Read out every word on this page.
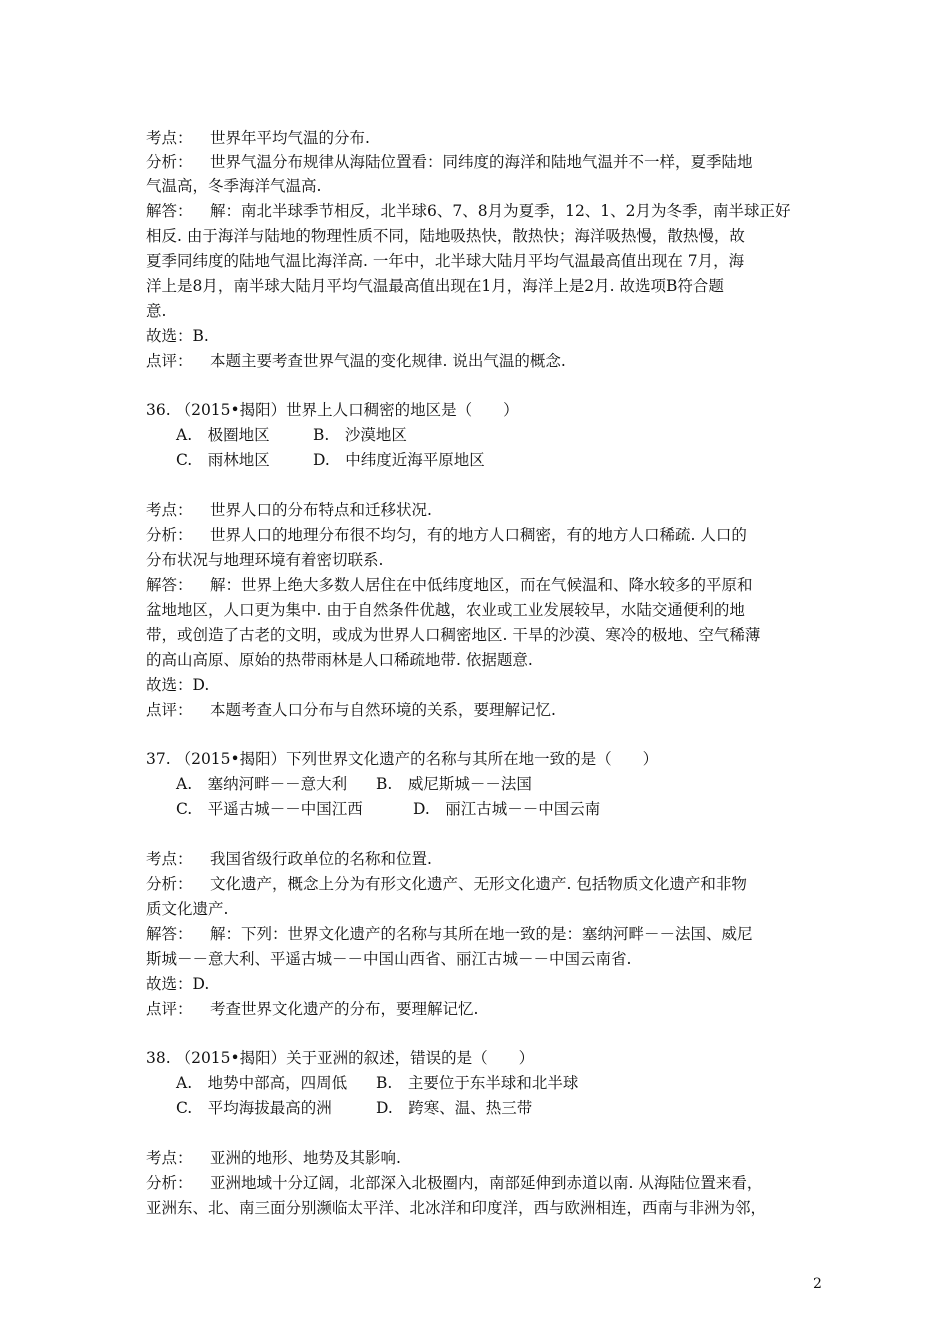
考点： 世界年平均气温的分布.
分析： 世界气温分布规律从海陆位置看：同纬度的海洋和陆地气温并不一样，夏季陆地
气温高，冬季海洋气温高.
解答： 解：南北半球季节相反，北半球6、7、8月为夏季，12、1、2月为冬季，南半球正好
相反. 由于海洋与陆地的物理性质不同，陆地吸热快，散热快；海洋吸热慢，散热慢，故
夏季同纬度的陆地气温比海洋高. 一年中，北半球大陆月平均气温最高值出现在 7月，海
洋上是8月，南半球大陆月平均气温最高值出现在1月，海洋上是2月. 故选项B符合题
意.
故选：B.
点评： 本题主要考查世界气温的变化规律. 说出气温的概念.
36. （2015•揭阳）世界上人口稠密的地区是（　　）
考点： 世界人口的分布特点和迁移状况.
分析： 世界人口的地理分布很不均匀，有的地方人口稠密，有的地方人口稀疏. 人口的
分布状况与地理环境有着密切联系.
解答： 解：世界上绝大多数人居住在中低纬度地区，而在气候温和、降水较多的平原和
盆地地区，人口更为集中. 由于自然条件优越，农业或工业发展较早，水陆交通便利的地
带，或创造了古老的文明，或成为世界人口稠密地区. 干旱的沙漠、寒冷的极地、空气稀薄
的高山高原、原始的热带雨林是人口稀疏地带. 依据题意.
故选：D.
点评： 本题考查人口分布与自然环境的关系，要理解记忆.
37. （2015•揭阳）下列世界文化遗产的名称与其所在地一致的是（　　）
考点： 我国省级行政单位的名称和位置.
分析： 文化遗产，概念上分为有形文化遗产、无形文化遗产. 包括物质文化遗产和非物
质文化遗产.
解答： 解：下列：世界文化遗产的名称与其所在地一致的是：塞纳河畔－－法国、威尼
斯城－－意大利、平遥古城－－中国山西省、丽江古城－－中国云南省.
故选：D.
点评： 考查世界文化遗产的分布，要理解记忆.
38. （2015•揭阳）关于亚洲的叙述，错误的是（　　）
考点： 亚洲的地形、地势及其影响.
分析： 亚洲地域十分辽阔，北部深入北极圈内，南部延伸到赤道以南. 从海陆位置来看，
亚洲东、北、南三面分别濒临太平洋、北冰洋和印度洋，西与欧洲相连，西南与非洲为邻，
A.　极圈地区	B.　沙漠地区
C.　雨林地区	D.　中纬度近海平原地区
A.　塞纳河畔－－意大利 B.　威尼斯城－－法国
C.　平遥古城－－中国江西	D.　丽江古城－－中国云南
A.　地势中部高，四周低 B.　主要位于东半球和北半球
C.　平均海拔最高的洲	D.　跨寒、温、热三带
2
